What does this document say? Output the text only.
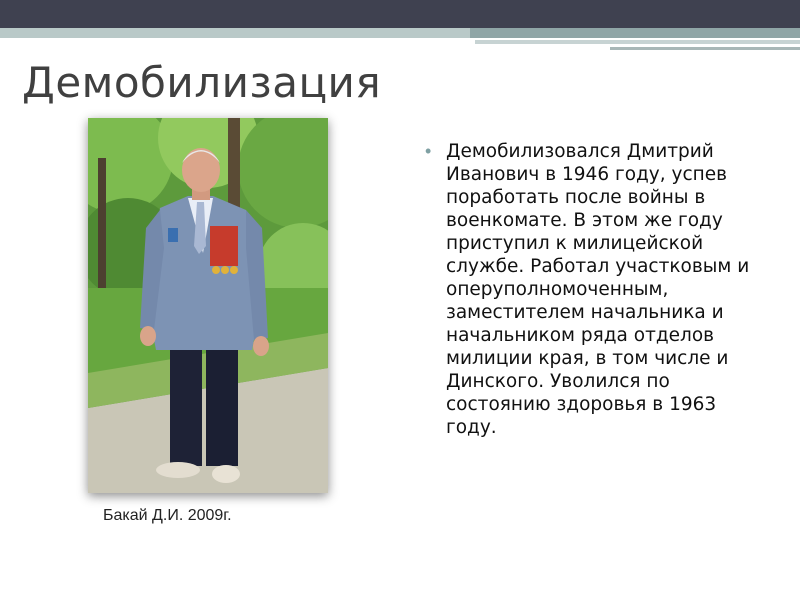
Демобилизация
Бакай Д.И. 2009г.
• Демобилизовался Дмитрий Иванович в 1946 году, успев поработать после войны в военкомате. В этом же году приступил к милицейской службе. Работал участковым и оперуполномоченным, заместителем начальника и начальником ряда отделов милиции края, в том числе и Динского. Уволился по состоянию здоровья в 1963 году.
